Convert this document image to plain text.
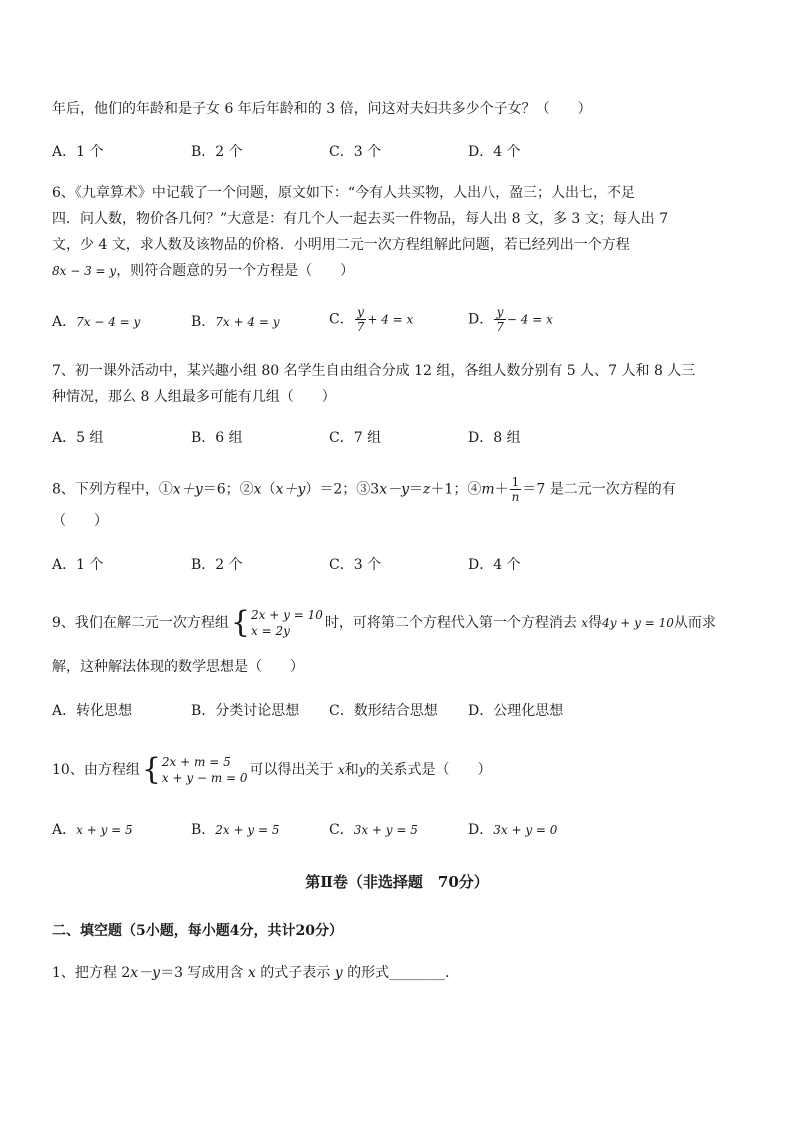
年后，他们的年龄和是子女 6 年后年龄和的 3 倍，问这对夫妇共多少个子女？（　　）
A．1 个	B．2 个	C．3 个	D．4 个
6、《九章算术》中记载了一个问题，原文如下：“今有人共买物，人出八，盈三；人出七，不足
四．问人数，物价各几何？”大意是：有几个人一起去买一件物品，每人出 8 文，多 3 文；每人出 7
文，少 4 文，求人数及该物品的价格．小明用二元一次方程组解此问题，若已经列出一个方程
8x − 3 = y，则符合题意的另一个方程是（　　）
A．7x − 4 = y	B．7x + 4 = y	C． $\frac{y}{7} + 4 = x$	D． $\frac{y}{7} - 4 = x$
7、初一课外活动中，某兴趣小组 80 名学生自由组合分成 12 组，各组人数分别有 5 人、7 人和 8 人三
种情况，那么 8 人组最多可能有几组（　　）
A．5 组	B．6 组	C．7 组	D．8 组
8、下列方程中，①x＋y＝6；②x（x＋y）＝2；③3x－y＝z＋1；④m＋ $\frac{1}{n} =7$ 是二元一次方程的有
（　　）
A．1 个	B．2 个	C．3 个	D．4 个
9、我们在解二元一次方程组 { 2x + y = 10
x = 2y	时，可将第二个方程代入第一个方程消去 x得4y + y = 10从而求
解，这种解法体现的数学思想是（　　）
A．转化思想	B．分类讨论思想 C．数形结合思想 D．公理化思想
10、由方程组 { 2x + m = 5
x + y − m = 0 可以得出关于 x和y的关系式是（　　）
A．x + y = 5	B．2x + y = 5	C．3x + y = 5	D．3x + y = 0
第Ⅱ卷（非选择题　70分）
二、填空题（5小题，每小题4分，共计20分）
1、把方程 2x－y＝3 写成用含 x 的式子表示 y 的形式________．
